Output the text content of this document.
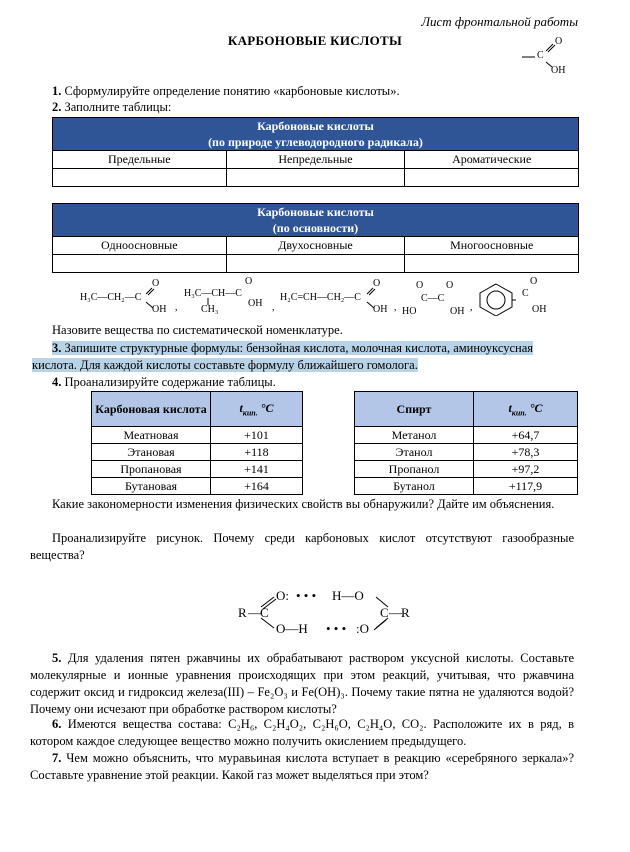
Лист фронтальной работы
КАРБОНОВЫЕ КИСЛОТЫ	O
C
OH
1. Сформулируйте определение понятию «карбоновые кислоты».
2. Заполните таблицы:
Карбоновые кислоты
(по природе углеводородного радикала)		

Предельные	Непредельные	Ароматические

Карбоновые кислоты
(по основности)		

Одноосновные	Двухосновные	Многоосновные

H₃C—CH₂—C
O
OH ,
H₃C—CH—C
CH₃
O
OH ,
H₂C=CH—CH₂—C
O
OH ,
O O
C—C
HO	OH ,
C
O
OH
Назовите вещества по систематической номенклатуре.
3. Запишите структурные формулы: бензойная кислота, молочная кислота, аминоуксусная
кислота. Для каждой кислоты составьте формулу ближайшего гомолога.
4. Проанализируйте содержание таблицы.
Карбоновая кислота	$t_{кип.}$ °C
Меатновая	+101
Этановая	+118
Пропановая	+141
Бутановая	+164
Спирт	$t_{кип.}$ °C
Метанол	+64,7
Этанол	+78,3
Пропанол	+97,2
Бутанол	+117,9
Какие закономерности изменения физических свойств вы обнаружили? Дайте им объяснения.
Проанализируйте рисунок. Почему среди карбоновых кислот отсутствуют газообразные вещества?
R — C
O: • • • H—O
O—H • • • :O
C — R
5. Для удаления пятен ржавчины их обрабатывают раствором уксусной кислоты. Составьте молекулярные и ионные уравнения происходящих при этом реакций, учитывая, что ржавчина содержит оксид и гидроксид железа(III) – Fe₂O₃ и Fe(OH)₃. Почему такие пятна не удаляются водой? Почему они исчезают при обработке раствором кислоты?
6. Имеются вещества состава: C₂H₆, C₂H₄O₂, C₂H₆O, C₂H₄O, CO₂. Расположите их в ряд, в котором каждое следующее вещество можно получить окислением предыдущего.
7. Чем можно объяснить, что муравьиная кислота вступает в реакцию «серебряного зеркала»? Составьте уравнение этой реакции. Какой газ может выделяться при этом?
